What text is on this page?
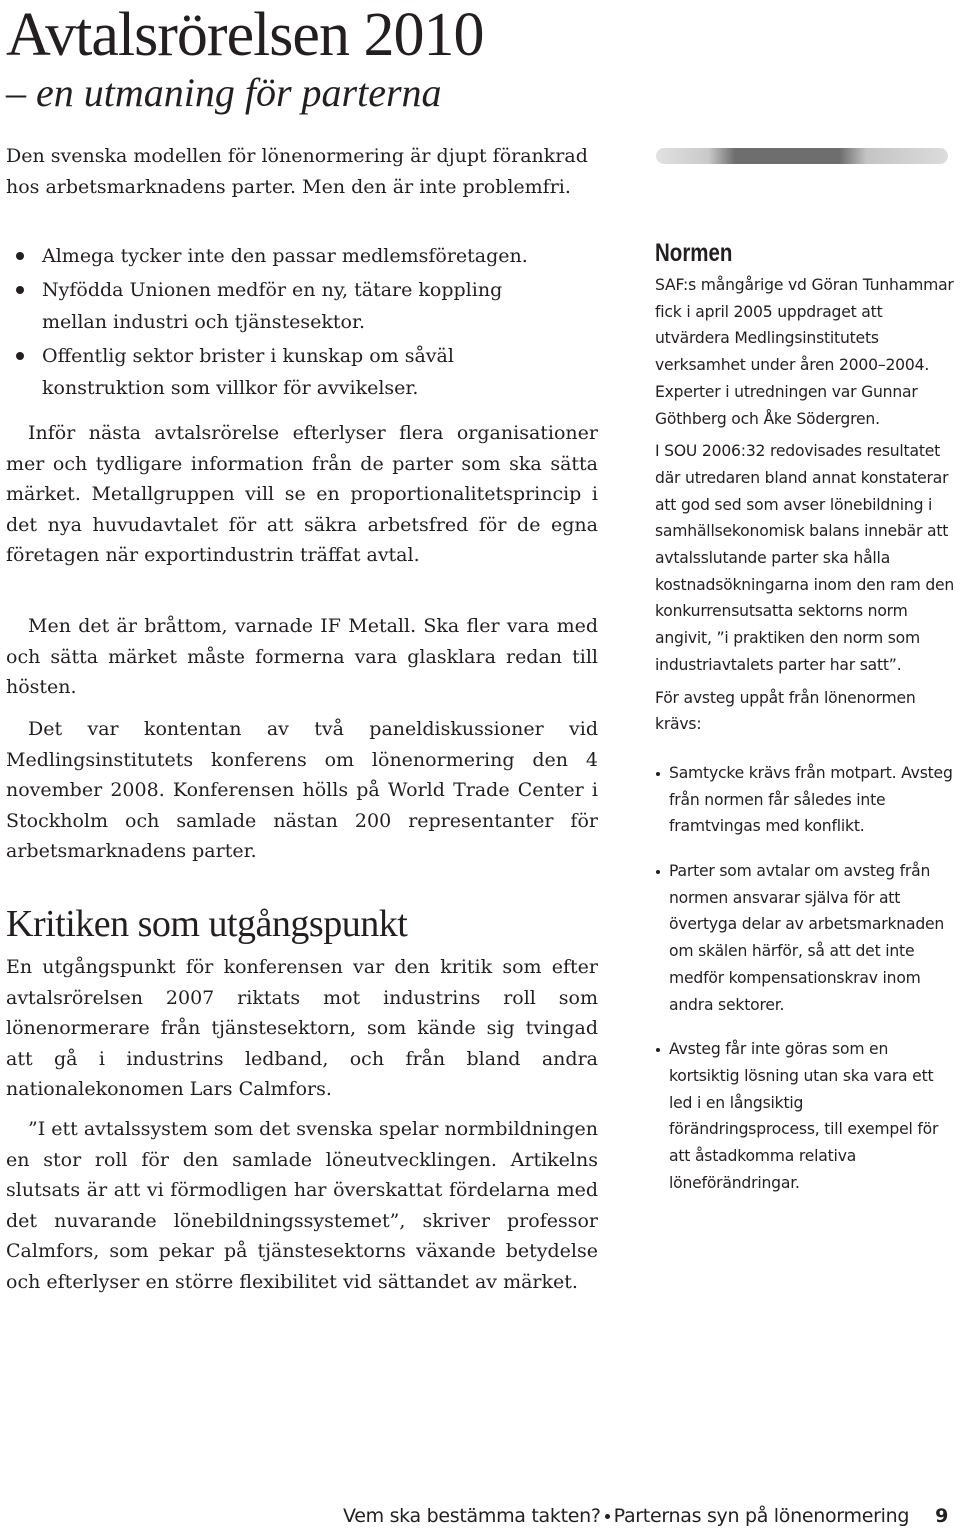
Avtalsrörelsen 2010
– en utmaning för parterna

Den svenska modellen för lönenormering är djupt förankrad hos arbetsmarknadens parter. Men den är inte problemfri.

Almega tycker inte den passar medlemsföretagen.
Nyfödda Unionen medför en ny, tätare koppling mellan industri och tjänstesektor.
Offentlig sektor brister i kunskap om såväl konstruktion som villkor för avvikelser.

Inför nästa avtalsrörelse efterlyser flera organisationer mer och tydligare information från de parter som ska sätta märket. Metallgruppen vill se en proportionalitetsprincip i det nya huvudavtalet för att säkra arbetsfred för de egna företagen när exportindustrin träffat avtal.

Men det är bråttom, varnade IF Metall. Ska fler vara med och sätta märket måste formerna vara glasklara redan till hösten.

Det var kontentan av två paneldiskussioner vid Medlingsinstitutets konferens om lönenormering den 4 november 2008. Konferensen hölls på World Trade Center i Stockholm och samlade nästan 200 representanter för arbetsmarknadens parter.

Kritiken som utgångspunkt

En utgångspunkt för konferensen var den kritik som efter avtalsrörelsen 2007 riktats mot industrins roll som lönenormerare från tjänstesektorn, som kände sig tvingad att gå i industrins ledband, och från bland andra nationalekonomen Lars Calmfors.

”I ett avtalssystem som det svenska spelar normbildningen en stor roll för den samlade löneutvecklingen. Artikelns slutsats är att vi förmodligen har överskattat fördelarna med det nuvarande lönebildningssystemet”, skriver professor Calmfors, som pekar på tjänstesektorns växande betydelse och efterlyser en större flexibilitet vid sättandet av märket.

Normen

SAF:s mångårige vd Göran Tunhammar fick i april 2005 uppdraget att utvärdera Medlingsinstitutets verksamhet under åren 2000–2004. Experter i utredningen var Gunnar Göthberg och Åke Södergren.

I SOU 2006:32 redovisades resultatet där utredaren bland annat konstaterar att god sed som avser lönebildning i samhällsekonomisk balans innebär att avtalsslutande parter ska hålla kostnadsökningarna inom den ram den konkurrensutsatta sektorns norm angivit, ”i praktiken den norm som industriavtalets parter har satt”.

För avsteg uppåt från lönenormen krävs:

Samtycke krävs från motpart. Avsteg från normen får således inte framtvingas med konflikt.
Parter som avtalar om avsteg från normen ansvarar själva för att övertyga delar av arbetsmarknaden om skälen härför, så att det inte medför kompensationskrav inom andra sektorer.
Avsteg får inte göras som en kortsiktig lösning utan ska vara ett led i en långsiktig förändringsprocess, till exempel för att åstadkomma relativa löneförändringar.
Vem ska bestämma takten? Parternas syn på lönenormering 9
